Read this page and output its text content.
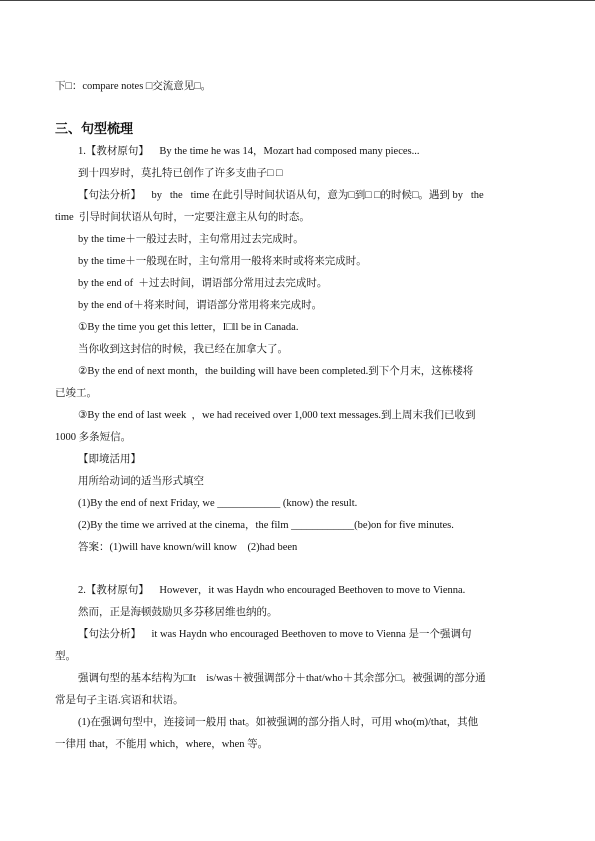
下□：compare notes □交流意见□。
三、句型梳理
1.【教材原句】    By the time he was 14，Mozart had composed many pieces...
到十四岁时，莫扎特已创作了许多支曲子□ □
【句法分析】    by   the   time 在此引导时间状语从句，意为□到□ □的时候□。遇到 by   the
time  引导时间状语从句时，一定要注意主从句的时态。
by the time＋一般过去时，主句常用过去完成时。
by the time＋一般现在时，主句常用一般将来时或将来完成时。
by the end of  ＋过去时间，谓语部分常用过去完成时。
by the end of＋将来时间，谓语部分常用将来完成时。
①By the time you get this letter，I□ll be in Canada.
当你收到这封信的时候，我已经在加拿大了。
②By the end of next month，the building will have been completed.到下个月末，这栋楼将
已竣工。
③By the end of last week  ，we had received over 1,000 text messages.到上周末我们已收到
1000 多条短信。
【即境活用】
用所给动词的适当形式填空
(1)By the end of next Friday, we ____________ (know) the result.
(2)By the time we arrived at the cinema，the film ____________(be)on for five minutes.
答案：(1)will have known/will know    (2)had been
2.【教材原句】    However，it was Haydn who encouraged Beethoven to move to Vienna.
然而，正是海顿鼓励贝多芬移居维也纳的。
【句法分析】    it was Haydn who encouraged Beethoven to move to Vienna 是一个强调句
型。
强调句型的基本结构为□It    is/was＋被强调部分＋that/who＋其余部分□。被强调的部分通
常是句子主语.宾语和状语。
(1)在强调句型中，连接词一般用 that。如被强调的部分指人时，可用 who(m)/that，其他
一律用 that，不能用 which，where，when 等。
